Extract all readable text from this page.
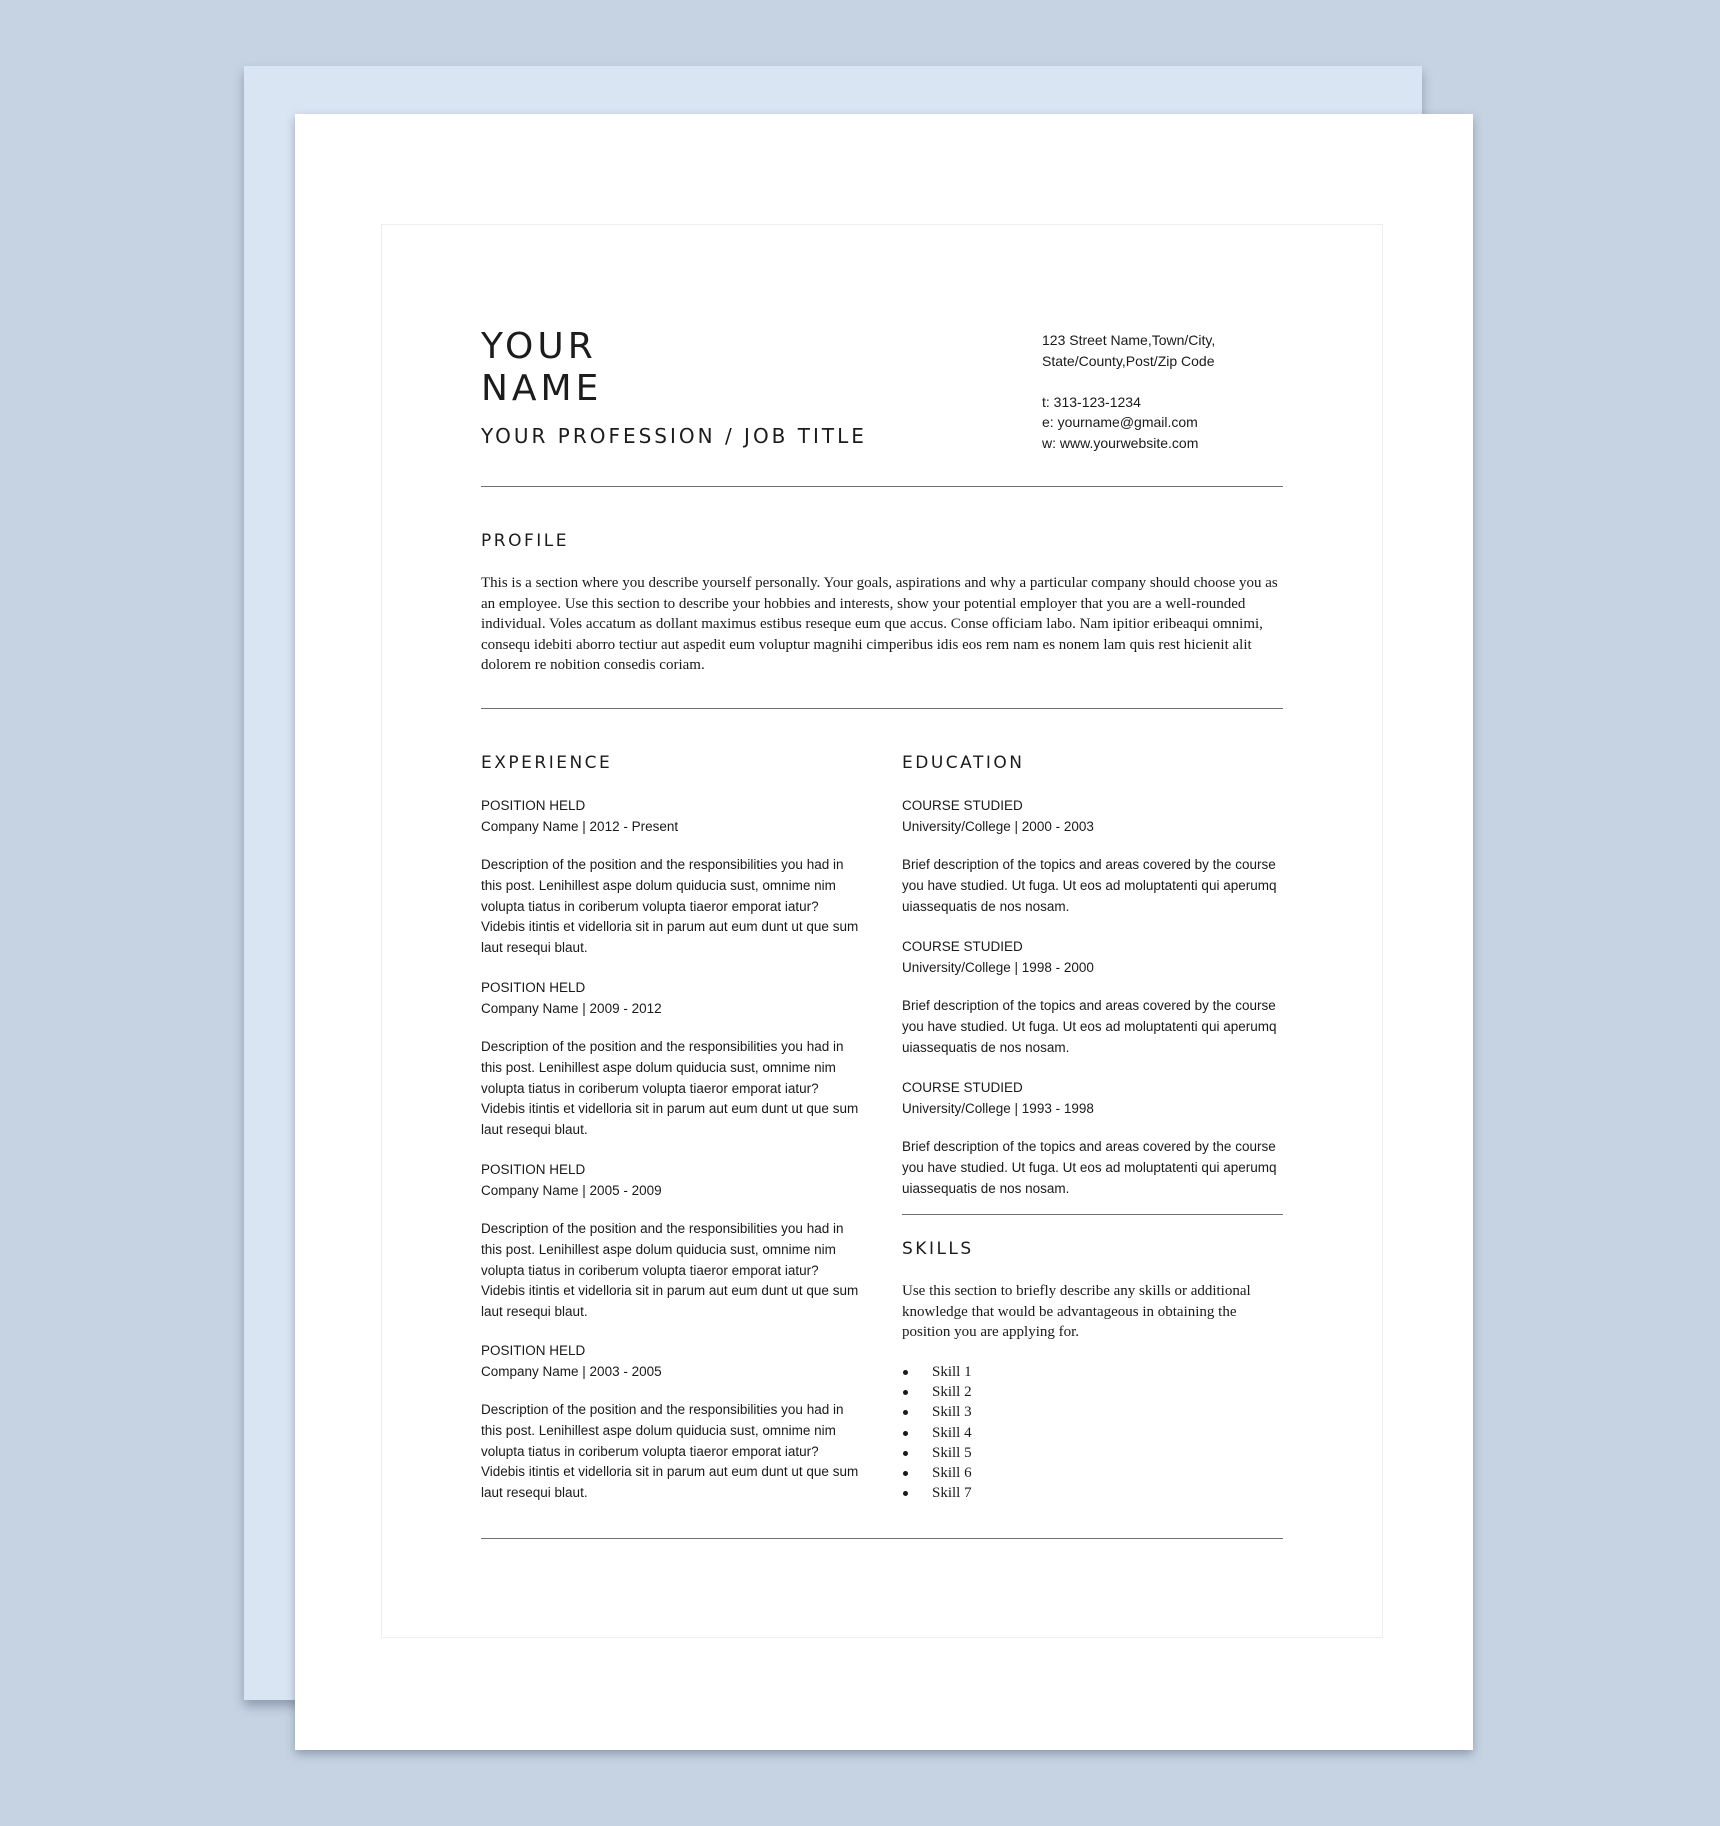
YOUR
NAME
YOUR PROFESSION / JOB TITLE
123 Street Name,Town/City,
State/County,Post/Zip Code
t: 313-123-1234
e: yourname@gmail.com
w: www.yourwebsite.com
PROFILE
This is a section where you describe yourself personally. Your goals, aspirations and why a particular company should choose you as an employee. Use this section to describe your hobbies and interests, show your potential employer that you are a well-rounded individual. Voles accatum as dollant maximus estibus reseque eum que accus. Conse officiam labo. Nam ipitior eribeaqui omnimi, consequ idebiti aborro tectiur aut aspedit eum voluptur magnihi cimperibus idis eos rem nam es nonem lam quis rest hicienit alit dolorem re nobition consedis coriam.
EXPERIENCE
POSITION HELD
Company Name | 2012 - Present
Description of the position and the responsibilities you had in this post. Lenihillest aspe dolum quiducia sust, omnime nim volupta tiatus in coriberum volupta tiaeror emporat iatur? Videbis itintis et videlloria sit in parum aut eum dunt ut que sum laut resequi blaut.
POSITION HELD
Company Name | 2009 - 2012
Description of the position and the responsibilities you had in this post. Lenihillest aspe dolum quiducia sust, omnime nim volupta tiatus in coriberum volupta tiaeror emporat iatur? Videbis itintis et videlloria sit in parum aut eum dunt ut que sum laut resequi blaut.
POSITION HELD
Company Name | 2005 - 2009
Description of the position and the responsibilities you had in this post. Lenihillest aspe dolum quiducia sust, omnime nim volupta tiatus in coriberum volupta tiaeror emporat iatur? Videbis itintis et videlloria sit in parum aut eum dunt ut que sum laut resequi blaut.
POSITION HELD
Company Name | 2003 - 2005
Description of the position and the responsibilities you had in this post. Lenihillest aspe dolum quiducia sust, omnime nim volupta tiatus in coriberum volupta tiaeror emporat iatur? Videbis itintis et videlloria sit in parum aut eum dunt ut que sum laut resequi blaut.
EDUCATION
COURSE STUDIED
University/College | 2000 - 2003
Brief description of the topics and areas covered by the course you have studied. Ut fuga. Ut eos ad moluptatenti qui aperumq uiassequatis de nos nosam.
COURSE STUDIED
University/College | 1998 - 2000
Brief description of the topics and areas covered by the course you have studied. Ut fuga. Ut eos ad moluptatenti qui aperumq uiassequatis de nos nosam.
COURSE STUDIED
University/College | 1993 - 1998
Brief description of the topics and areas covered by the course you have studied. Ut fuga. Ut eos ad moluptatenti qui aperumq uiassequatis de nos nosam.
SKILLS
Use this section to briefly describe any skills or additional knowledge that would be advantageous in obtaining the position you are applying for.
Skill 1
Skill 2
Skill 3
Skill 4
Skill 5
Skill 6
Skill 7
